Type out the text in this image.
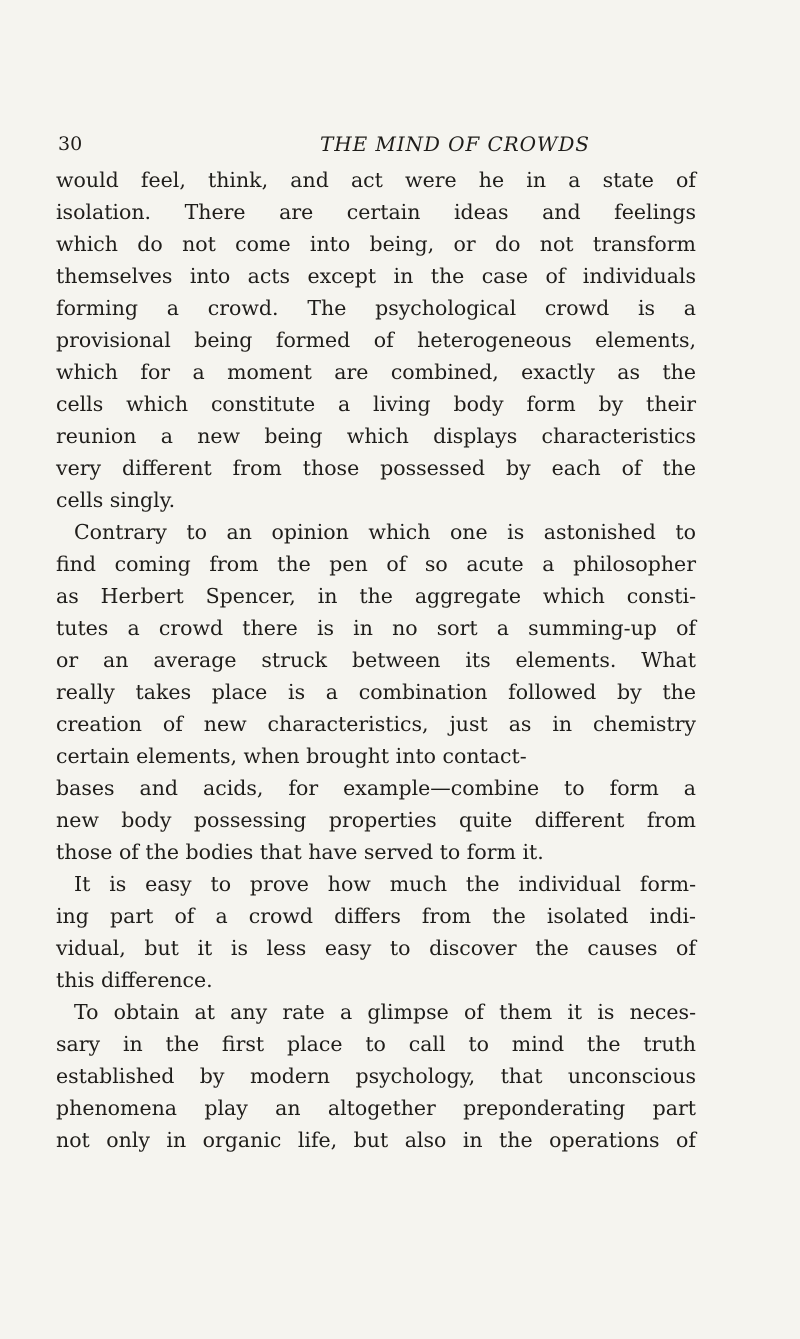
30	THE MIND OF CROWDS
would feel, think, and act were he in a state of
isolation. There are certain ideas and feelings
which do not come into being, or do not transform
themselves into acts except in the case of individuals
forming a crowd. The psychological crowd is a
provisional being formed of heterogeneous elements,
which for a moment are combined, exactly as the
cells which constitute a living body form by their
reunion a new being which displays characteristics
very different from those possessed by each of the
cells singly.
Contrary to an opinion which one is astonished to
find coming from the pen of so acute a philosopher
as Herbert Spencer, in the aggregate which consti-
tutes a crowd there is in no sort a summing-up of
or an average struck between its elements. What
really takes place is a combination followed by the
creation of new characteristics, just as in chemistry
certain elements, when brought into contact-
bases and acids, for example—combine to form a
new body possessing properties quite different from
those of the bodies that have served to form it.
It is easy to prove how much the individual form-
ing part of a crowd differs from the isolated indi-
vidual, but it is less easy to discover the causes of
this difference.
To obtain at any rate a glimpse of them it is neces-
sary in the first place to call to mind the truth
established by modern psychology, that unconscious
phenomena play an altogether preponderating part
not only in organic life, but also in the operations of
